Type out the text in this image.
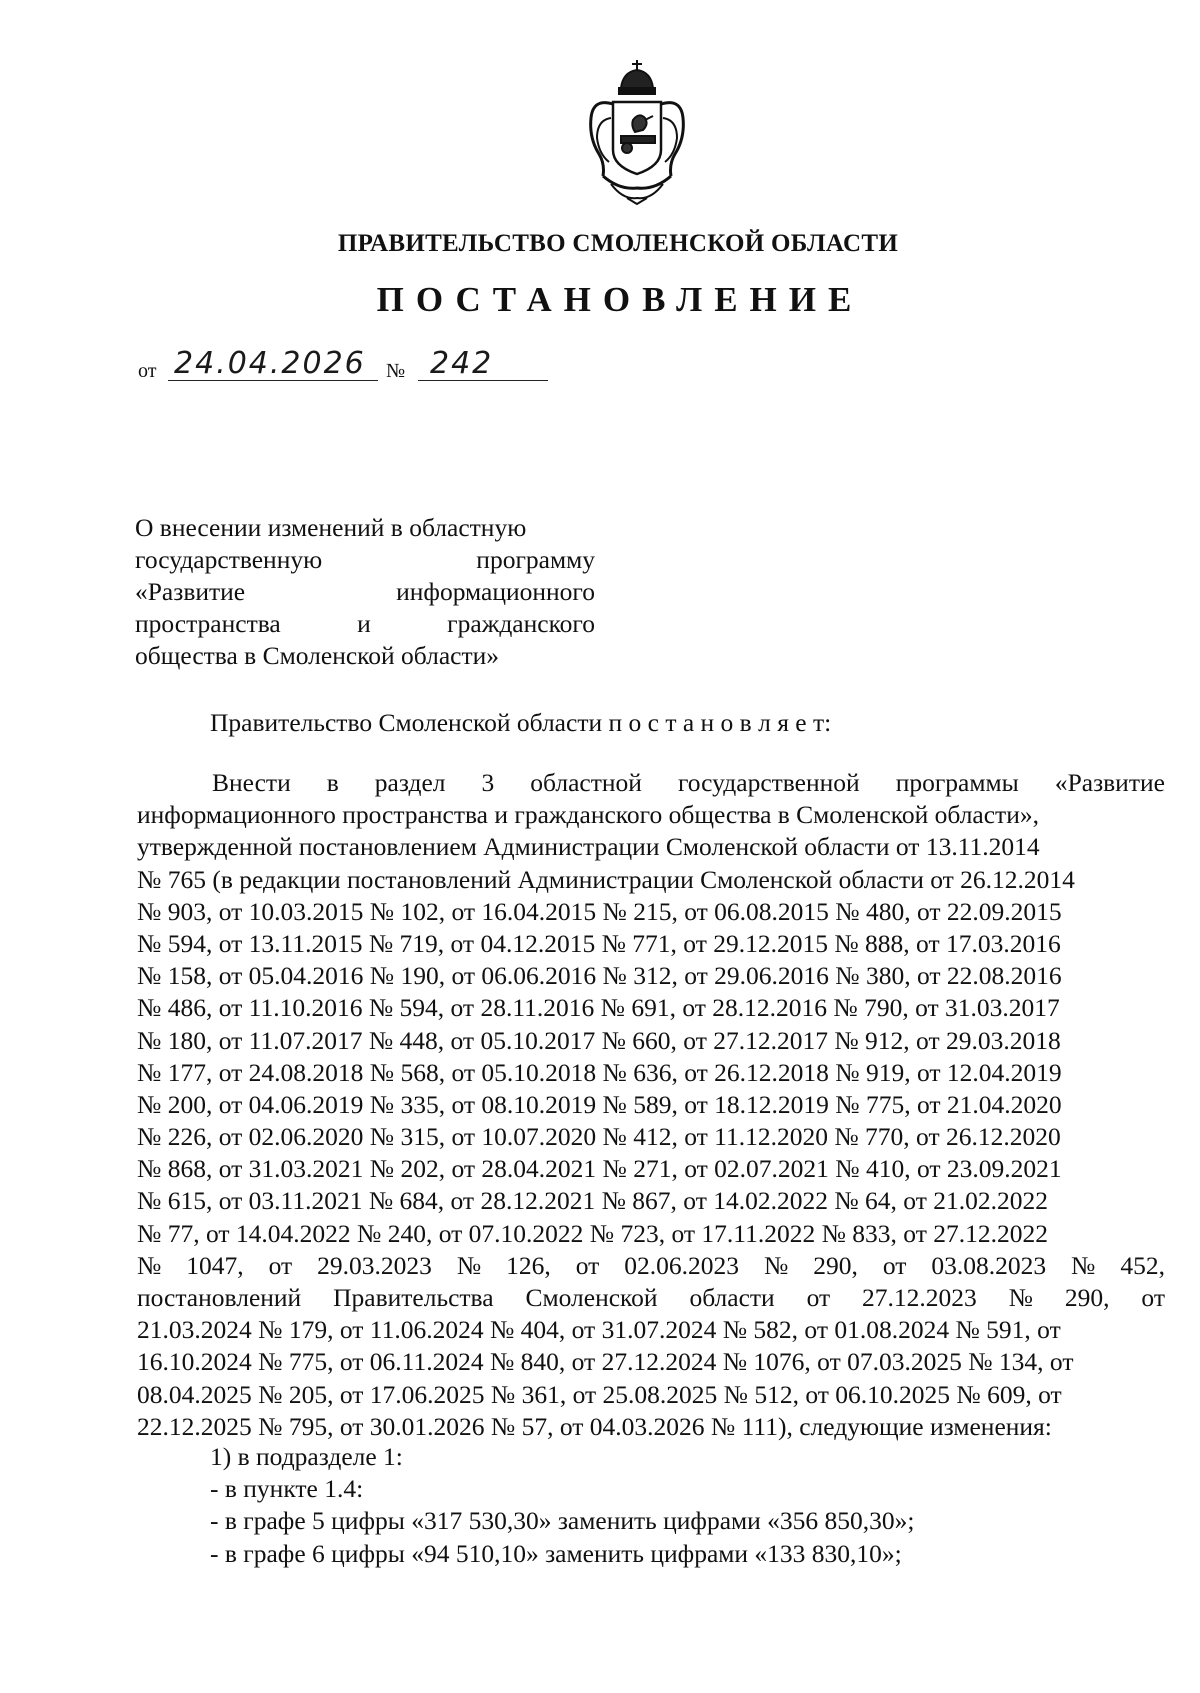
ПРАВИТЕЛЬСТВО СМОЛЕНСКОЙ ОБЛАСТИ
ПОСТАНОВЛЕНИЕ
от 24.04.2026 № 242
О внесении изменений в областную
государственную	программу
«Развитие	информационного
пространства	и	гражданского
общества в Смоленской области»
Правительство Смоленской области п о с т а н о в л я е т:
Внести в раздел 3 областной государственной программы «Развитие
информационного пространства и гражданского общества в Смоленской области»,
утвержденной постановлением Администрации Смоленской области от 13.11.2014
№ 765 (в редакции постановлений Администрации Смоленской области от 26.12.2014
№ 903, от 10.03.2015 № 102, от 16.04.2015 № 215, от 06.08.2015 № 480, от 22.09.2015
№ 594, от 13.11.2015 № 719, от 04.12.2015 № 771, от 29.12.2015 № 888, от 17.03.2016
№ 158, от 05.04.2016 № 190, от 06.06.2016 № 312, от 29.06.2016 № 380, от 22.08.2016
№ 486, от 11.10.2016 № 594, от 28.11.2016 № 691, от 28.12.2016 № 790, от 31.03.2017
№ 180, от 11.07.2017 № 448, от 05.10.2017 № 660, от 27.12.2017 № 912, от 29.03.2018
№ 177, от 24.08.2018 № 568, от 05.10.2018 № 636, от 26.12.2018 № 919, от 12.04.2019
№ 200, от 04.06.2019 № 335, от 08.10.2019 № 589, от 18.12.2019 № 775, от 21.04.2020
№ 226, от 02.06.2020 № 315, от 10.07.2020 № 412, от 11.12.2020 № 770, от 26.12.2020
№ 868, от 31.03.2021 № 202, от 28.04.2021 № 271, от 02.07.2021 № 410, от 23.09.2021
№ 615, от 03.11.2021 № 684, от 28.12.2021 № 867, от 14.02.2022 № 64, от 21.02.2022
№ 77, от 14.04.2022 № 240, от 07.10.2022 № 723, от 17.11.2022 № 833, от 27.12.2022
№ 1047, от 29.03.2023 № 126, от 02.06.2023 № 290, от 03.08.2023 № 452,
постановлений Правительства Смоленской области от 27.12.2023 № 290, от
21.03.2024 № 179, от 11.06.2024 № 404, от 31.07.2024 № 582, от 01.08.2024 № 591, от
16.10.2024 № 775, от 06.11.2024 № 840, от 27.12.2024 № 1076, от 07.03.2025 № 134, от
08.04.2025 № 205, от 17.06.2025 № 361, от 25.08.2025 № 512, от 06.10.2025 № 609, от
22.12.2025 № 795, от 30.01.2026 № 57, от 04.03.2026 № 111), следующие изменения:
1) в подразделе 1:
- в пункте 1.4:
- в графе 5 цифры «317 530,30» заменить цифрами «356 850,30»;
- в графе 6 цифры «94 510,10» заменить цифрами «133 830,10»;
